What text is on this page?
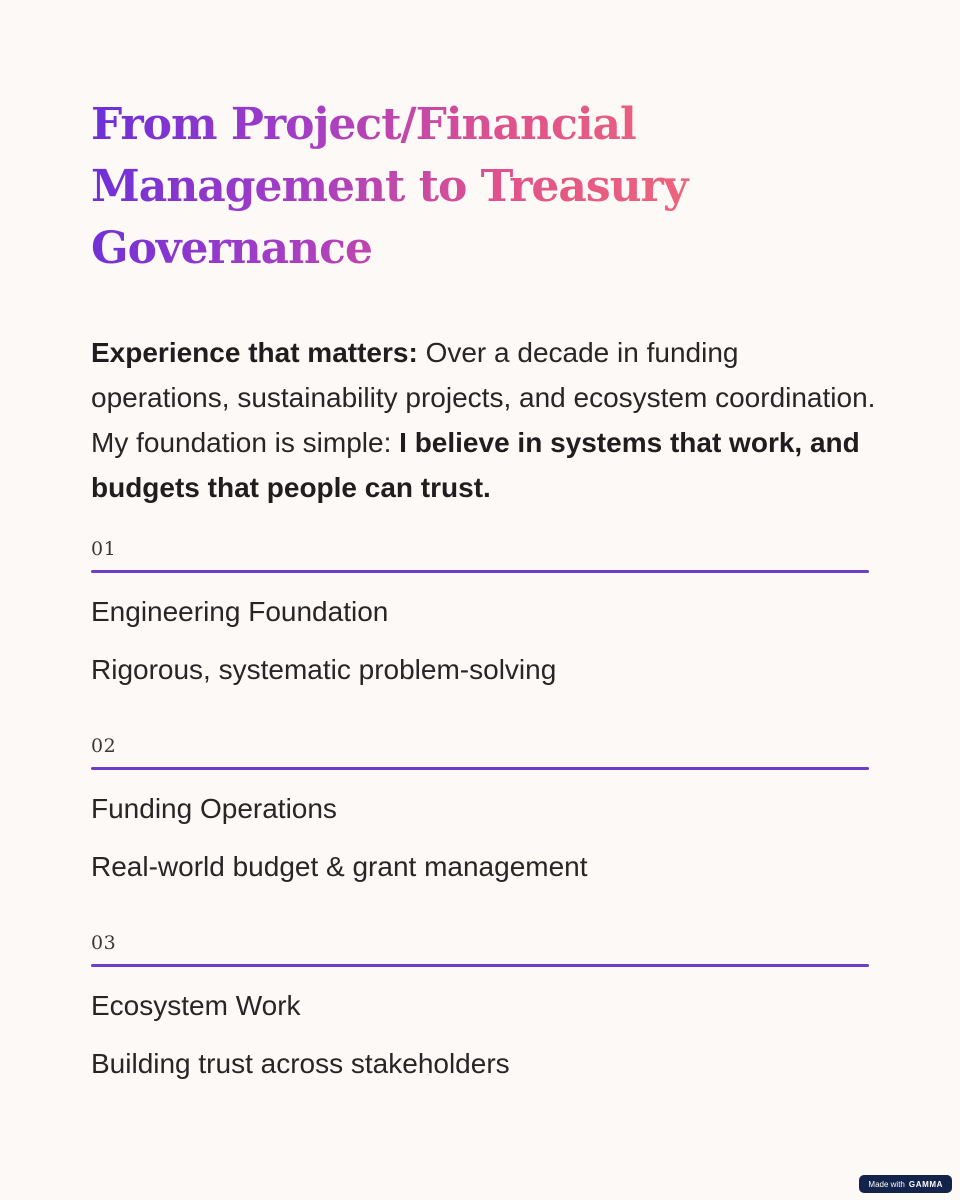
From Project/Financial
Management to Treasury
Governance

Experience that matters: Over a decade in funding operations, sustainability projects, and ecosystem coordination. My foundation is simple: I believe in systems that work, and budgets that people can trust.

01
Engineering Foundation
Rigorous, systematic problem-solving
02
Funding Operations
Real-world budget & grant management
03
Ecosystem Work
Building trust across stakeholders
Made with GAMMA
